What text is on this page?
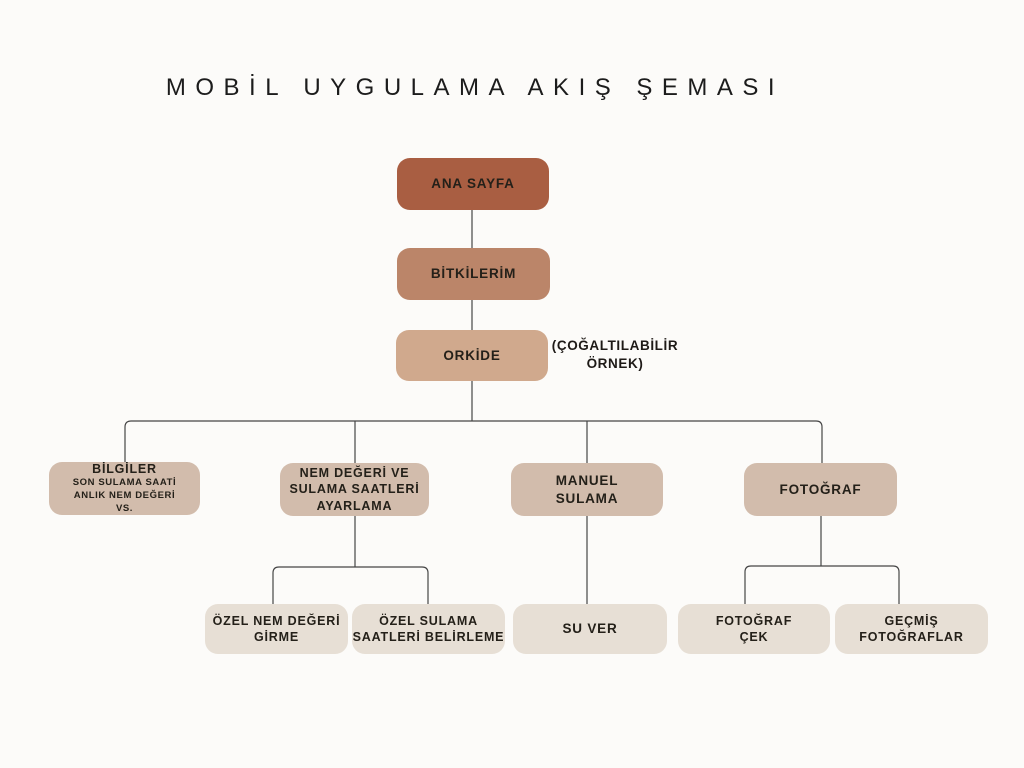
MOBİL UYGULAMA AKIŞ ŞEMASI
ANA SAYFA
BİTKİLERİM
ORKİDE
(ÇOĞALTILABİLİR
ÖRNEK)
BİLGİLER
SON SULAMA SAATİ
ANLIK NEM DEĞERİ
VS.
NEM DEĞERİ VE
SULAMA SAATLERİ
AYARLAMA
MANUEL
SULAMA
FOTOĞRAF
ÖZEL NEM DEĞERİ
GİRME
ÖZEL SULAMA
SAATLERİ BELİRLEME
SU VER
FOTOĞRAF
ÇEK
GEÇMİŞ
FOTOĞRAFLAR
